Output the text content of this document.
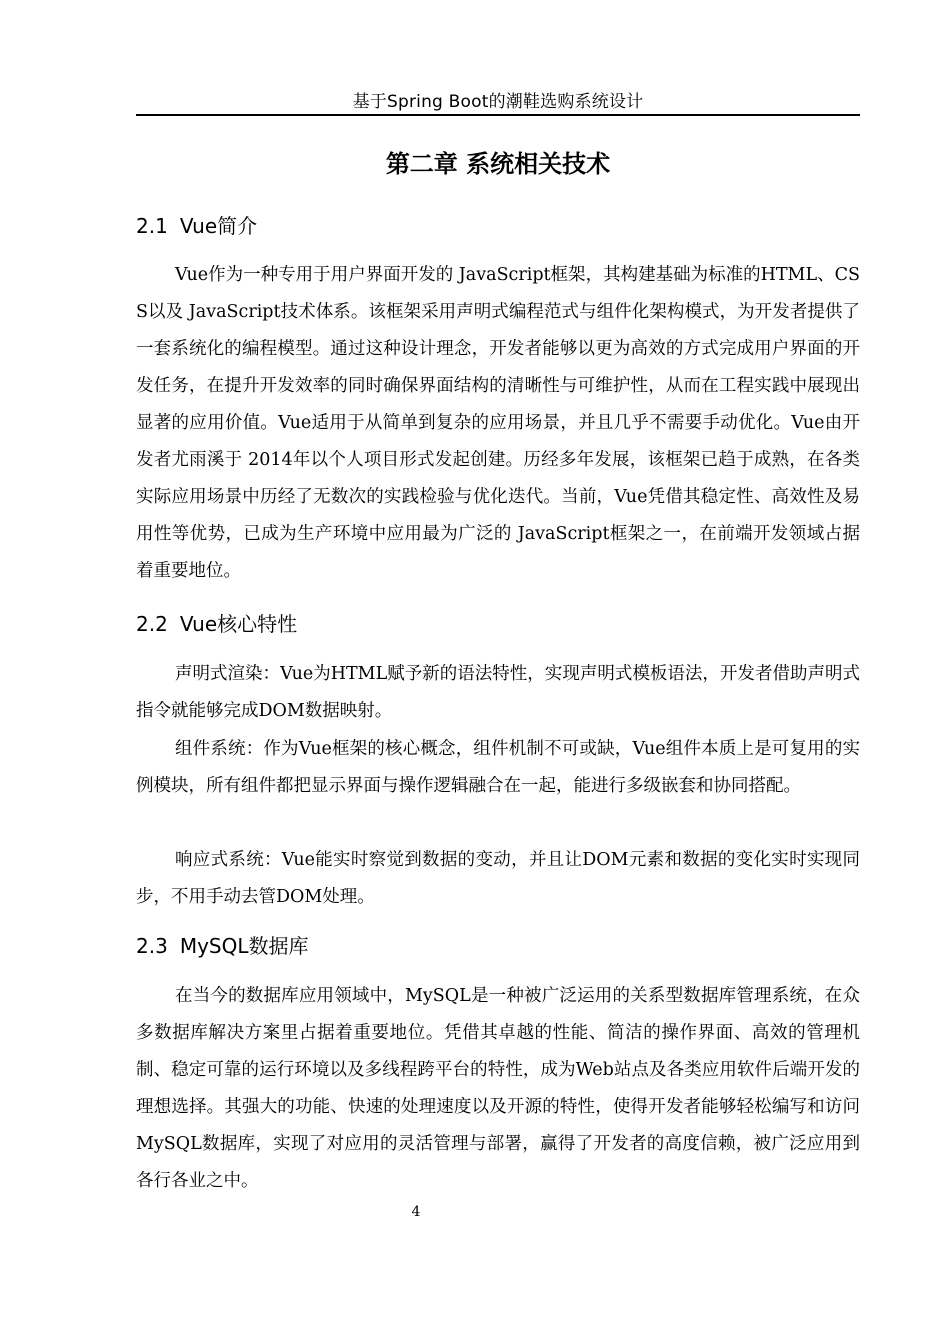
基于Spring Boot的潮鞋选购系统设计
第二章 系统相关技术
2.1 Vue简介

Vue作为一种专用于用户界面开发的 JavaScript框架，其构建基础为标准的HTML、CSS以及 JavaScript技术体系。该框架采用声明式编程范式与组件化架构模式，为开发者提供了一套系统化的编程模型。通过这种设计理念，开发者能够以更为高效的方式完成用户界面的开发任务，在提升开发效率的同时确保界面结构的清晰性与可维护性，从而在工程实践中展现出显著的应用价值。Vue适用于从简单到复杂的应用场景，并且几乎不需要手动优化。Vue由开发者尤雨溪于 2014年以个人项目形式发起创建。历经多年发展，该框架已趋于成熟，在各类实际应用场景中历经了无数次的实践检验与优化迭代。当前，Vue凭借其稳定性、高效性及易用性等优势，已成为生产环境中应用最为广泛的 JavaScript框架之一，在前端开发领域占据着重要地位。

2.2 Vue核心特性

声明式渲染：Vue为HTML赋予新的语法特性，实现声明式模板语法，开发者借助声明式指令就能够完成DOM数据映射。

组件系统：作为Vue框架的核心概念，组件机制不可或缺，Vue组件本质上是可复用的实例模块，所有组件都把显示界面与操作逻辑融合在一起，能进行多级嵌套和协同搭配。

响应式系统：Vue能实时察觉到数据的变动，并且让DOM元素和数据的变化实时实现同步，不用手动去管DOM处理。

2.3 MySQL数据库

在当今的数据库应用领域中，MySQL是一种被广泛运用的关系型数据库管理系统，在众多数据库解决方案里占据着重要地位。凭借其卓越的性能、简洁的操作界面、高效的管理机制、稳定可靠的运行环境以及多线程跨平台的特性，成为Web站点及各类应用软件后端开发的理想选择。其强大的功能、快速的处理速度以及开源的特性，使得开发者能够轻松编写和访问MySQL数据库，实现了对应用的灵活管理与部署，赢得了开发者的高度信赖，被广泛应用到各行各业之中。

4
